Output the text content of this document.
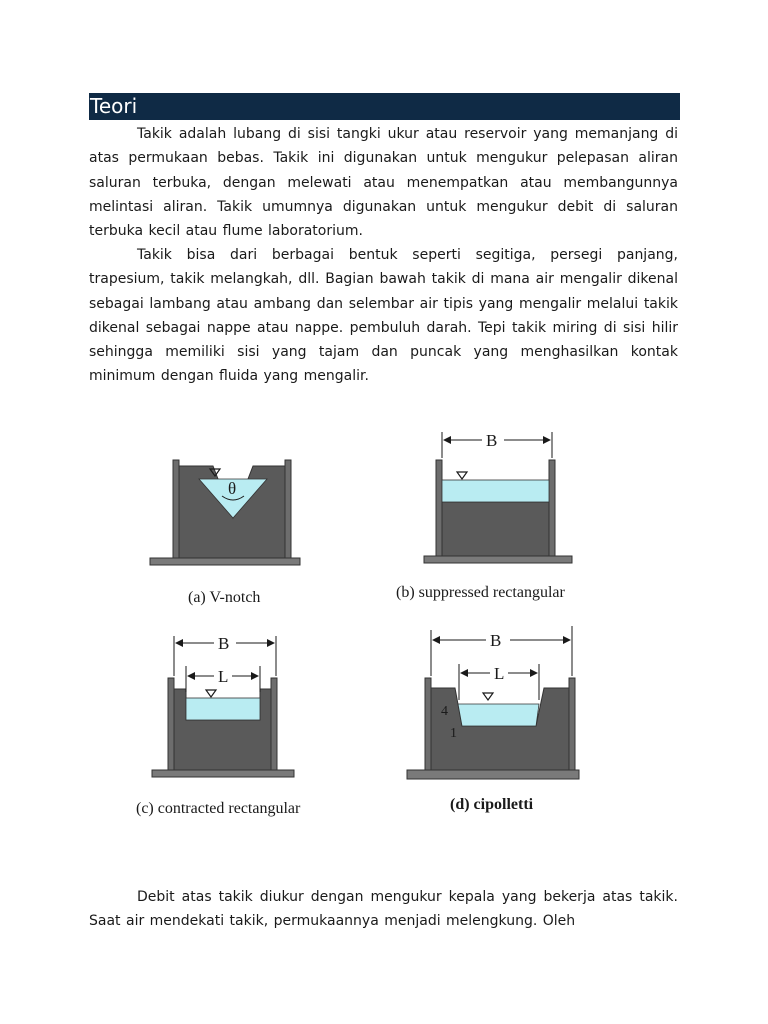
Teori

Takik adalah lubang di sisi tangki ukur atau reservoir yang memanjang di atas permukaan bebas. Takik ini digunakan untuk mengukur pelepasan aliran saluran terbuka, dengan melewati atau menempatkan atau membangunnya melintasi aliran. Takik umumnya digunakan untuk mengukur debit di saluran terbuka kecil atau flume laboratorium.

Takik bisa dari berbagai bentuk seperti segitiga, persegi panjang, trapesium, takik melangkah, dll. Bagian bawah takik di mana air mengalir dikenal sebagai lambang atau ambang dan selembar air tipis yang mengalir melalui takik dikenal sebagai nappe atau nappe. pembuluh darah. Tepi takik miring di sisi hilir sehingga memiliki sisi yang tajam dan puncak yang menghasilkan kontak minimum dengan fluida yang mengalir.

θ
B
B
L
B
L
4
1
(a) V-notch	(b) suppressed rectangular
(c) contracted rectangular	(d) cipolletti

Debit atas takik diukur dengan mengukur kepala yang bekerja atas takik. Saat air mendekati takik, permukaannya menjadi melengkung. Oleh
